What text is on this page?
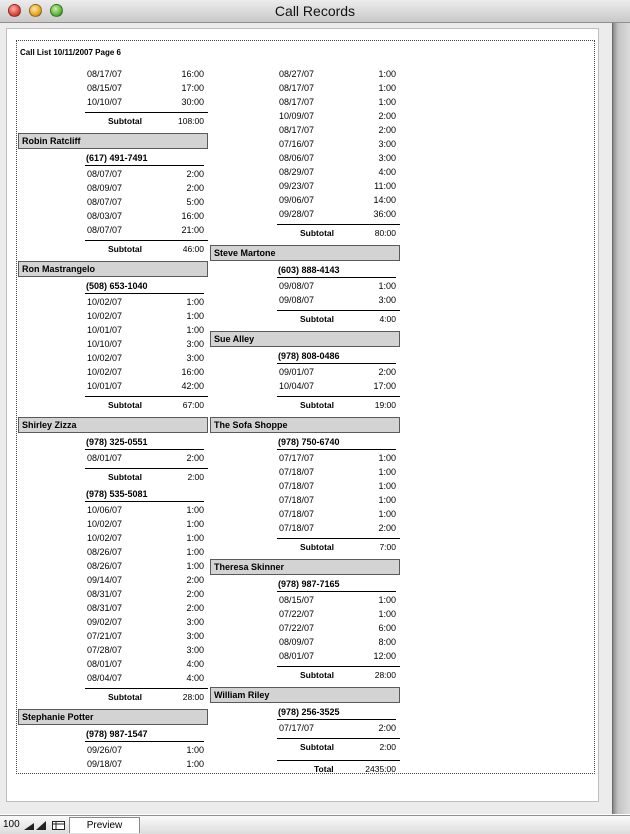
Call Records
Call List 10/11/2007 Page 6
08/17/07	16:00
08/15/07	17:00
10/10/07	30:00
Subtotal	108:00
Robin Ratcliff
(617) 491-7491
08/07/07	2:00
08/09/07	2:00
08/07/07	5:00
08/03/07	16:00
08/07/07	21:00
Subtotal	46:00
Ron Mastrangelo
(508) 653-1040
10/02/07	1:00
10/02/07	1:00
10/01/07	1:00
10/10/07	3:00
10/02/07	3:00
10/02/07	16:00
10/01/07	42:00
Subtotal	67:00
Shirley Zizza
(978) 325-0551
08/01/07	2:00
Subtotal	2:00
(978) 535-5081
10/06/07	1:00
10/02/07	1:00
10/02/07	1:00
08/26/07	1:00
08/26/07	1:00
09/14/07	2:00
08/31/07	2:00
08/31/07	2:00
09/02/07	3:00
07/21/07	3:00
07/28/07	3:00
08/01/07	4:00
08/04/07	4:00
Subtotal	28:00
Stephanie Potter
(978) 987-1547
09/26/07	1:00
09/18/07	1:00
08/27/07	1:00
08/17/07	1:00
08/17/07	1:00
10/09/07	2:00
08/17/07	2:00
07/16/07	3:00
08/06/07	3:00
08/29/07	4:00
09/23/07	11:00
09/06/07	14:00
09/28/07	36:00
Subtotal	80:00
Steve Martone
(603) 888-4143
09/08/07	1:00
09/08/07	3:00
Subtotal	4:00
Sue Alley
(978) 808-0486
09/01/07	2:00
10/04/07	17:00
Subtotal	19:00
The Sofa Shoppe
(978) 750-6740
07/17/07	1:00
07/18/07	1:00
07/18/07	1:00
07/18/07	1:00
07/18/07	1:00
07/18/07	2:00
Subtotal	7:00
Theresa Skinner
(978) 987-7165
08/15/07	1:00
07/22/07	1:00
07/22/07	6:00
08/09/07	8:00
08/01/07	12:00
Subtotal	28:00
William Riley
(978) 256-3525
07/17/07	2:00
Subtotal	2:00
Total	2435:00
100	Preview
